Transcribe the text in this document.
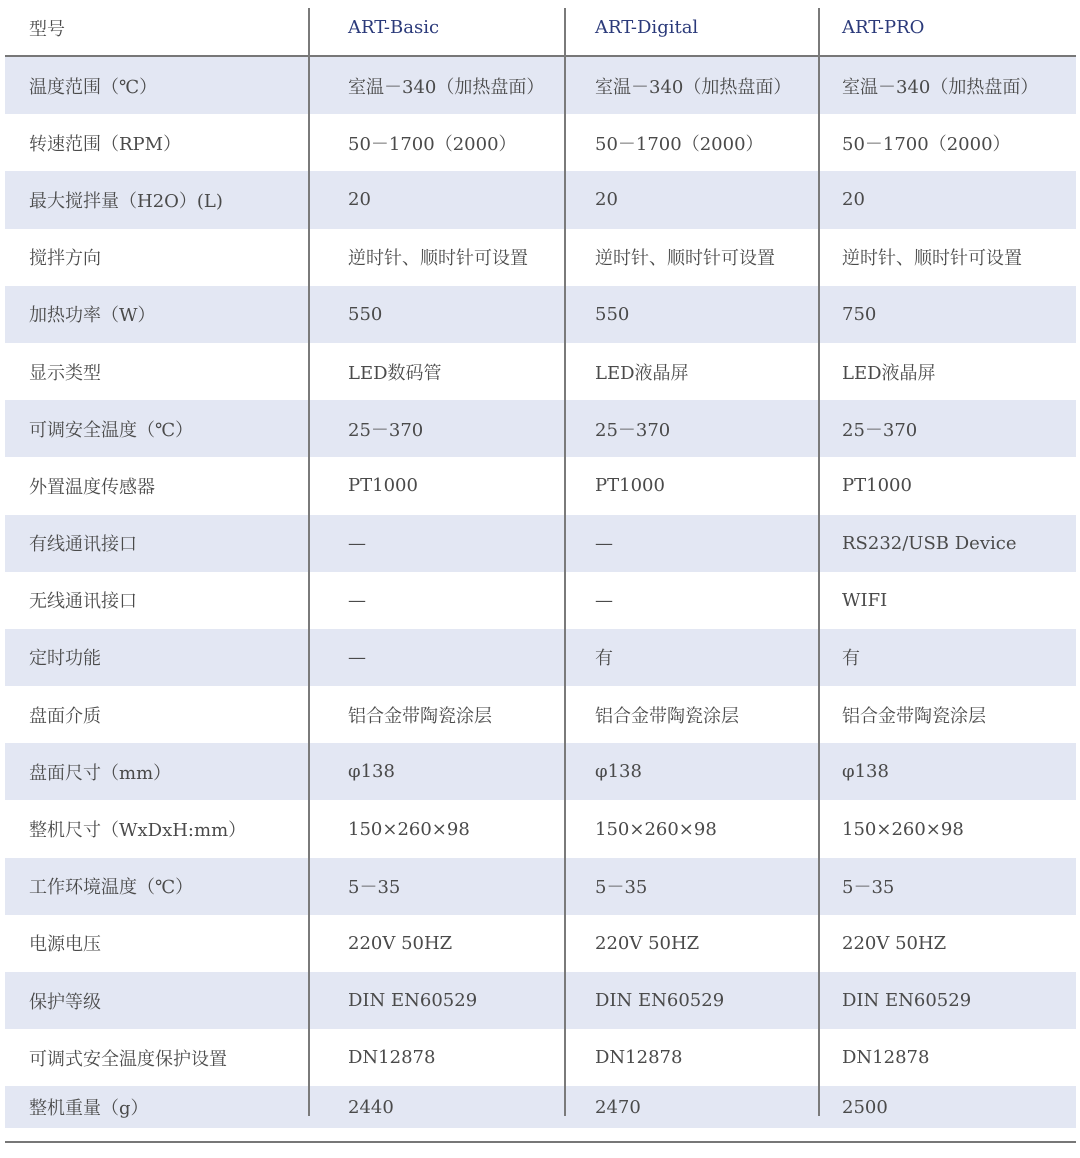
型号	ART-Basic	ART-Digital	ART-PRO
温度范围（℃）	室温－340（加热盘面）	室温－340（加热盘面）	室温－340（加热盘面）
转速范围（RPM）	50－1700（2000）	50－1700（2000）	50－1700（2000）
最大搅拌量（H2O）(L)	20	20	20
搅拌方向	逆时针、顺时针可设置	逆时针、顺时针可设置	逆时针、顺时针可设置
加热功率（W）	550	550	750
显示类型	LED数码管	LED液晶屏	LED液晶屏
可调安全温度（℃）	25－370	25－370	25－370
外置温度传感器	PT1000	PT1000	PT1000
有线通讯接口	—	—	RS232/USB Device
无线通讯接口	—	—	WIFI
定时功能	—	有	有
盘面介质	铝合金带陶瓷涂层	铝合金带陶瓷涂层	铝合金带陶瓷涂层
盘面尺寸（mm）	φ138	φ138	φ138
整机尺寸（WxDxH:mm）	150×260×98	150×260×98	150×260×98
工作环境温度（℃）	5－35	5－35	5－35
电源电压	220V 50HZ	220V 50HZ	220V 50HZ
保护等级	DIN EN60529	DIN EN60529	DIN EN60529
可调式安全温度保护设置	DN12878	DN12878	DN12878
整机重量（g）	2440	2470	2500
